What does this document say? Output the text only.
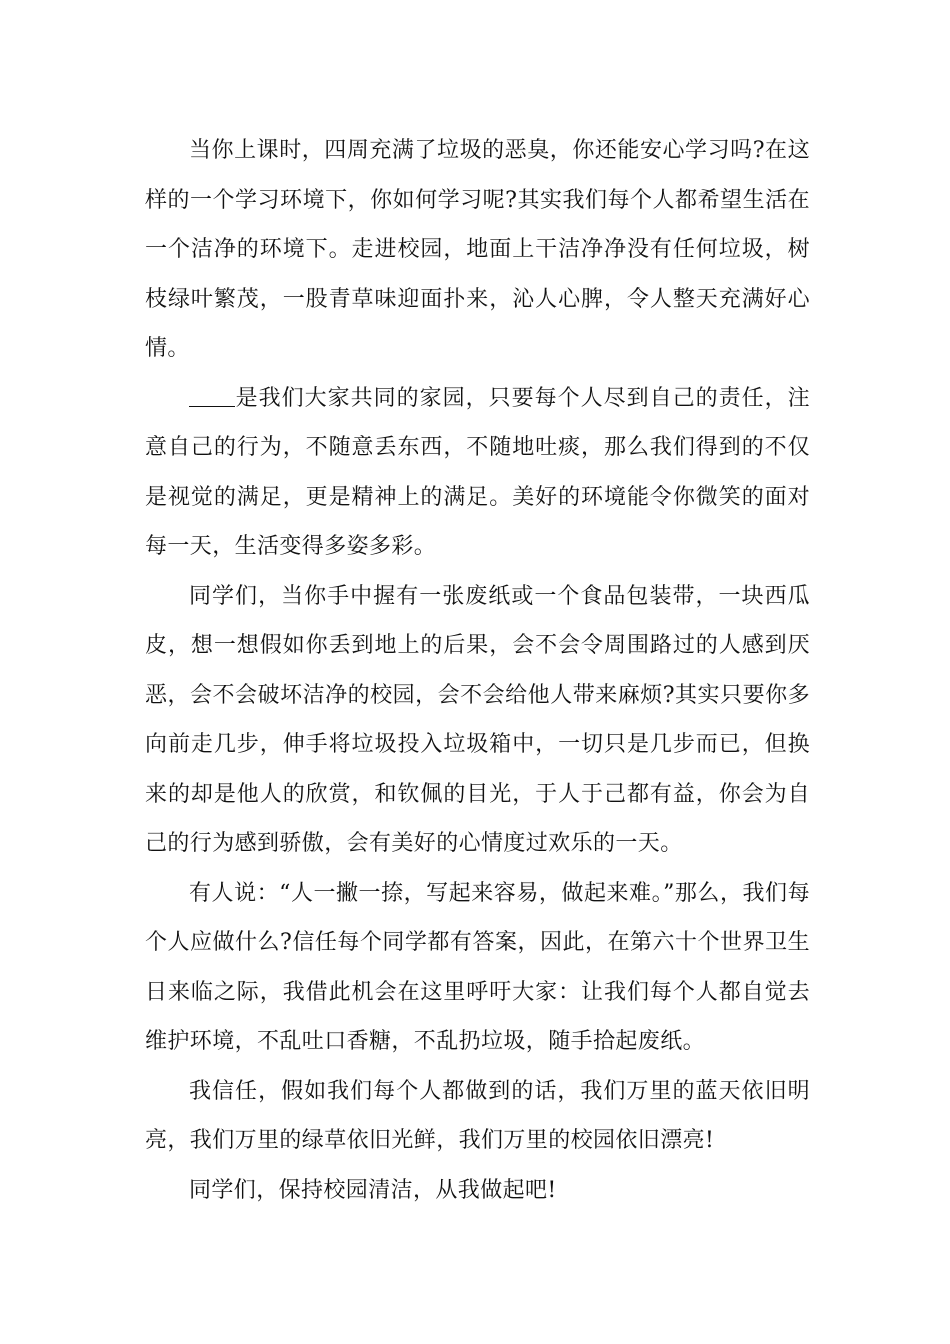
当你上课时，四周充满了垃圾的恶臭，你还能安心学习吗?在这样的一个学习环境下，你如何学习呢?其实我们每个人都希望生活在一个洁净的环境下。走进校园，地面上干洁净净没有任何垃圾，树枝绿叶繁茂，一股青草味迎面扑来，沁人心脾，令人整天充满好心情。

是我们大家共同的家园，只要每个人尽到自己的责任，注意自己的行为，不随意丢东西，不随地吐痰，那么我们得到的不仅是视觉的满足，更是精神上的满足。美好的环境能令你微笑的面对每一天，生活变得多姿多彩。

同学们，当你手中握有一张废纸或一个食品包装带，一块西瓜皮，想一想假如你丢到地上的后果，会不会令周围路过的人感到厌恶，会不会破坏洁净的校园，会不会给他人带来麻烦?其实只要你多向前走几步，伸手将垃圾投入垃圾箱中，一切只是几步而已，但换来的却是他人的欣赏，和钦佩的目光，于人于己都有益，你会为自己的行为感到骄傲，会有美好的心情度过欢乐的一天。

有人说：“人一撇一捺，写起来容易，做起来难。”那么，我们每个人应做什么?信任每个同学都有答案，因此，在第六十个世界卫生日来临之际，我借此机会在这里呼吁大家：让我们每个人都自觉去维护环境，不乱吐口香糖，不乱扔垃圾，随手拾起废纸。

我信任，假如我们每个人都做到的话，我们万里的蓝天依旧明亮，我们万里的绿草依旧光鲜，我们万里的校园依旧漂亮!

同学们，保持校园清洁，从我做起吧!
